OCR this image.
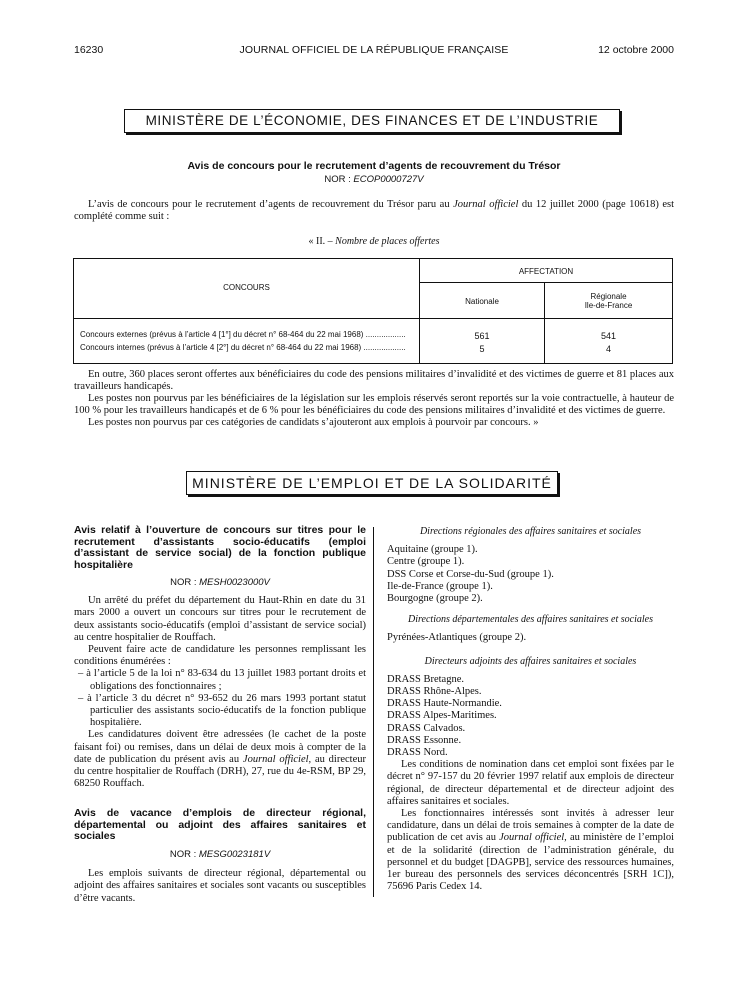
16230	JOURNAL OFFICIEL DE LA RÉPUBLIQUE FRANÇAISE	12 octobre 2000
MINISTÈRE DE L’ÉCONOMIE, DES FINANCES ET DE L’INDUSTRIE
Avis de concours pour le recrutement d’agents de recouvrement du Trésor
NOR : ECOP0000727V
L’avis de concours pour le recrutement d’agents de recouvrement du Trésor paru au Journal officiel du 12 juillet 2000 (page 10618) est complété comme suit :
« II. – Nombre de places offertes
CONCOURS
AFFECTATION
Nationale
Régionale
Ile-de-France
Concours externes (prévus à l’article 4 [1°] du décret n° 68-464 du 22 mai 1968) ..................	561	541
Concours internes (prévus à l’article 4 [2°] du décret n° 68-464 du 22 mai 1968) ...................	5	4

En outre, 360 places seront offertes aux bénéficiaires du code des pensions militaires d’invalidité et des victimes de guerre et 81 places aux travailleurs handicapés.

Les postes non pourvus par les bénéficiaires de la législation sur les emplois réservés seront reportés sur la voie contractuelle, à hauteur de 100 % pour les travailleurs handicapés et de 6 % pour les bénéficiaires du code des pensions militaires d’invalidité et des victimes de guerre.

Les postes non pourvus par ces catégories de candidats s’ajouteront aux emplois à pourvoir par concours. »

MINISTÈRE DE L’EMPLOI ET DE LA SOLIDARITÉ
Avis relatif à l’ouverture de concours sur titres pour le recrutement d’assistants socio-éducatifs (emploi d’assistant de service social) de la fonction publique hospitalière
NOR : MESH0023000V

Un arrêté du préfet du département du Haut-Rhin en date du 31 mars 2000 a ouvert un concours sur titres pour le recrutement de deux assistants socio-éducatifs (emploi d’assistant de service social) au centre hospitalier de Rouffach.

Peuvent faire acte de candidature les personnes remplissant les conditions énumérées :

– à l’article 5 de la loi n° 83-634 du 13 juillet 1983 portant droits et obligations des fonctionnaires ;

– à l’article 3 du décret n° 93-652 du 26 mars 1993 portant statut particulier des assistants socio-éducatifs de la fonction publique hospitalière.

Les candidatures doivent être adressées (le cachet de la poste faisant foi) ou remises, dans un délai de deux mois à compter de la date de publication du présent avis au Journal officiel, au directeur du centre hospitalier de Rouffach (DRH), 27, rue du 4e-RSM, BP 29, 68250 Rouffach.

Avis de vacance d’emplois de directeur régional, départemental ou adjoint des affaires sanitaires et sociales
NOR : MESG0023181V

Les emplois suivants de directeur régional, départemental ou adjoint des affaires sanitaires et sociales sont vacants ou susceptibles d’être vacants.

Directions régionales des affaires sanitaires et sociales

Aquitaine (groupe 1).
Centre (groupe 1).
DSS Corse et Corse-du-Sud (groupe 1).
Ile-de-France (groupe 1).
Bourgogne (groupe 2).

Directions départementales des affaires sanitaires et sociales

Pyrénées-Atlantiques (groupe 2).

Directeurs adjoints des affaires sanitaires et sociales

DRASS Bretagne.
DRASS Rhône-Alpes.
DRASS Haute-Normandie.
DRASS Alpes-Maritimes.
DRASS Calvados.
DRASS Essonne.
DRASS Nord.

Les conditions de nomination dans cet emploi sont fixées par le décret n° 97-157 du 20 février 1997 relatif aux emplois de directeur régional, de directeur départemental et de directeur adjoint des affaires sanitaires et sociales.

Les fonctionnaires intéressés sont invités à adresser leur candidature, dans un délai de trois semaines à compter de la date de publication de cet avis au Journal officiel, au ministère de l’emploi et de la solidarité (direction de l’administration générale, du personnel et du budget [DAGPB], service des ressources humaines, 1er bureau des personnels des services déconcentrés [SRH 1C]), 75696 Paris Cedex 14.
